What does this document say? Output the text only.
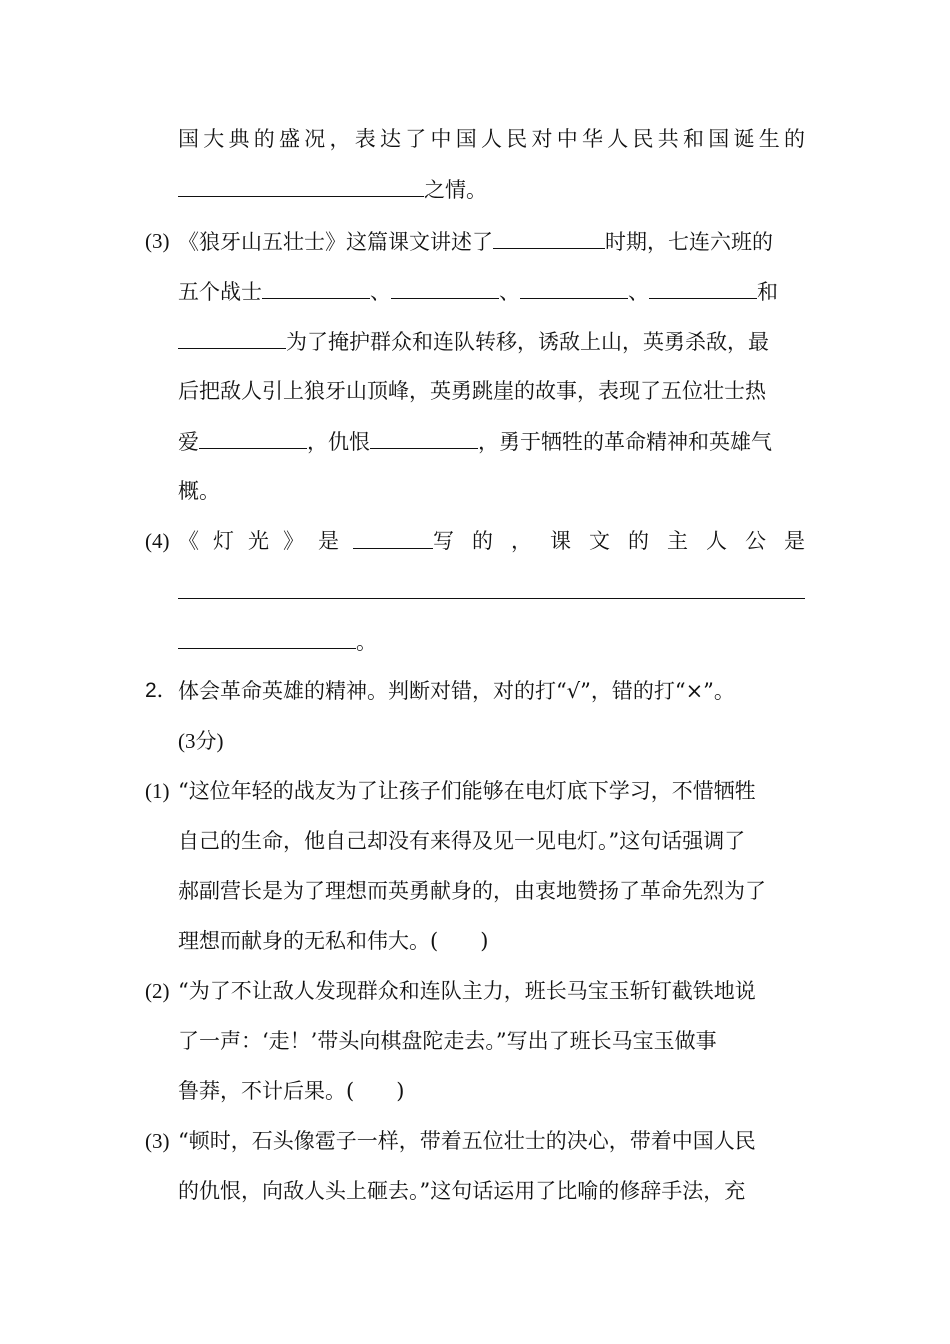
国 大 典 的 盛 况 ， 表 达 了 中 国 人 民 对 中 华 人 民 共 和 国 诞 生 的
之情。
(3) 《狼牙山五壮士》这篇课文讲述了	时期，七连六班的
五个战士	、	、	、	和
为了掩护群众和连队转移，诱敌上山，英勇杀敌，最
后把敌人引上狼牙山顶峰，英勇跳崖的故事，表现了五位壮士热
爱	，仇恨	，勇于牺牲的革命精神和英雄气
概。
(4) 《灯光》是	写的，课文的主人公是
。
2． 体会革命英雄的精神。判断对错，对的打“√”，错的打“×”。
(3分)
(1) “这位年轻的战友为了让孩子们能够在电灯底下学习，不惜牺牲
自己的生命，他自己却没有来得及见一见电灯。”这句话强调了
郝副营长是为了理想而英勇献身的，由衷地赞扬了革命先烈为了
理想而献身的无私和伟大。(　　)
(2) “为了不让敌人发现群众和连队主力，班长马宝玉斩钉截铁地说
了一声：‘走！’带头向棋盘陀走去。”写出了班长马宝玉做事
鲁莽，不计后果。(　　)
(3) “顿时，石头像雹子一样，带着五位壮士的决心，带着中国人民
的仇恨，向敌人头上砸去。”这句话运用了比喻的修辞手法，充
